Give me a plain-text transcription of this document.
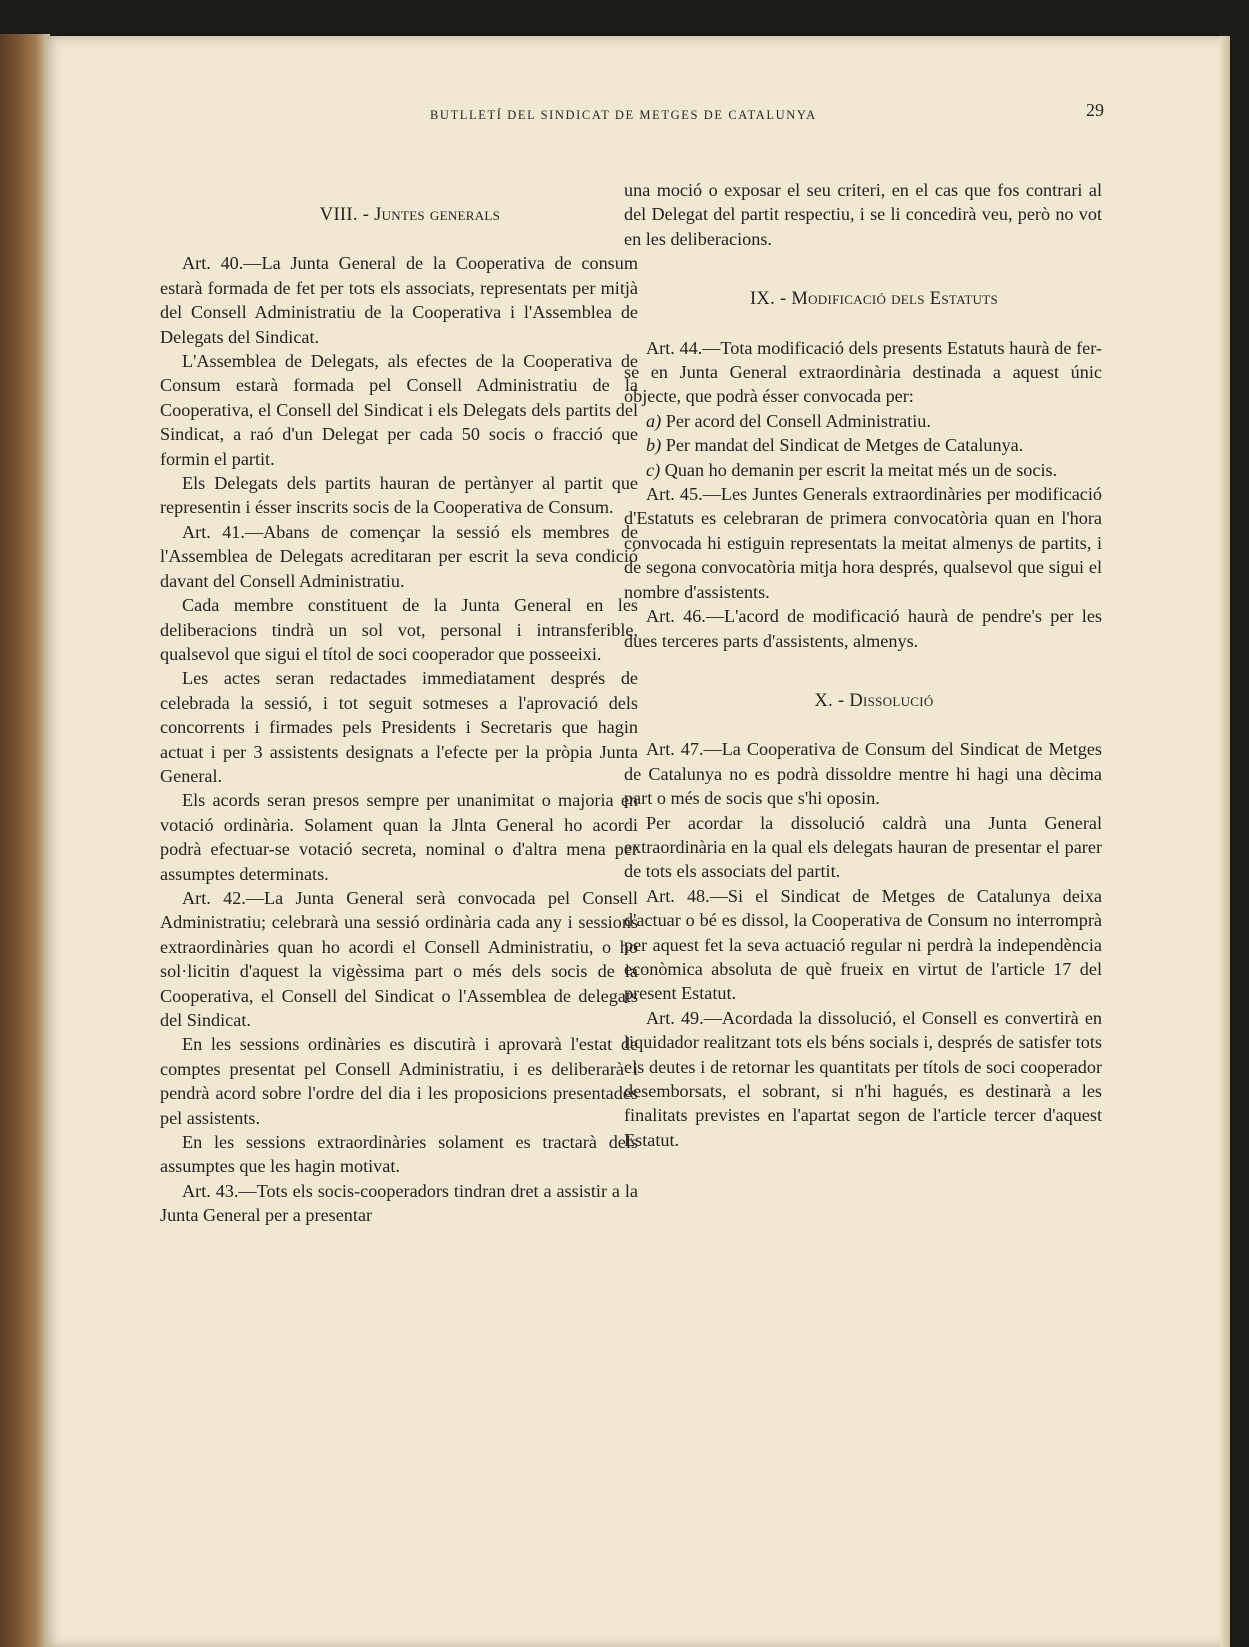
BUTLLETÍ DEL SINDICAT DE METGES DE CATALUNYA	29

VIII. - Juntes generals

Art. 40.—La Junta General de la Cooperativa de consum estarà formada de fet per tots els associats, representats per mitjà del Consell Administratiu de la Cooperativa i l'Assemblea de Delegats del Sindicat.

L'Assemblea de Delegats, als efectes de la Cooperativa de Consum estarà formada pel Consell Administratiu de la Cooperativa, el Consell del Sindicat i els Delegats dels partits del Sindicat, a raó d'un Delegat per cada 50 socis o fracció que formin el partit.

Els Delegats dels partits hauran de pertànyer al partit que representin i ésser inscrits socis de la Cooperativa de Consum.

Art. 41.—Abans de començar la sessió els membres de l'Assemblea de Delegats acreditaran per escrit la seva condició davant del Consell Administratiu.

Cada membre constituent de la Junta General en les deliberacions tindrà un sol vot, personal i intransferible, qualsevol que sigui el títol de soci cooperador que posseeixi.

Les actes seran redactades immediatament després de celebrada la sessió, i tot seguit sotmeses a l'aprovació dels concorrents i firmades pels Presidents i Secretaris que hagin actuat i per 3 assistents designats a l'efecte per la pròpia Junta General.

Els acords seran presos sempre per unanimitat o majoria en votació ordinària. Solament quan la Jlnta General ho acordi podrà efectuar-se votació secreta, nominal o d'altra mena per assumptes determinats.

Art. 42.—La Junta General serà convocada pel Consell Administratiu; celebrarà una sessió ordinària cada any i sessions extraordinàries quan ho acordi el Consell Administratiu, o ho sol·licitin d'aquest la vigèssima part o més dels socis de la Cooperativa, el Consell del Sindicat o l'Assemblea de delegats del Sindicat.

En les sessions ordinàries es discutirà i aprovarà l'estat de comptes presentat pel Consell Administratiu, i es deliberarà i pendrà acord sobre l'ordre del dia i les proposicions presentades pel assistents.

En les sessions extraordinàries solament es tractarà dels assumptes que les hagin motivat.

Art. 43.—Tots els socis-cooperadors tindran dret a assistir a la Junta General per a presentar

una moció o exposar el seu criteri, en el cas que fos contrari al del Delegat del partit respectiu, i se li concedirà veu, però no vot en les deliberacions.

IX. - Modificació dels Estatuts

Art. 44.—Tota modificació dels presents Estatuts haurà de fer-se en Junta General extraordinària destinada a aquest únic objecte, que podrà ésser convocada per:

a) Per acord del Consell Administratiu.

b) Per mandat del Sindicat de Metges de Catalunya.

c) Quan ho demanin per escrit la meitat més un de socis.

Art. 45.—Les Juntes Generals extraordinàries per modificació d'Estatuts es celebraran de primera convocatòria quan en l'hora convocada hi estiguin representats la meitat almenys de partits, i de segona convocatòria mitja hora després, qualsevol que sigui el nombre d'assistents.

Art. 46.—L'acord de modificació haurà de pendre's per les dues terceres parts d'assistents, almenys.

X. - Dissolució

Art. 47.—La Cooperativa de Consum del Sindicat de Metges de Catalunya no es podrà dissoldre mentre hi hagi una dècima part o més de socis que s'hi oposin.

Per acordar la dissolució caldrà una Junta General extraordinària en la qual els delegats hauran de presentar el parer de tots els associats del partit.

Art. 48.—Si el Sindicat de Metges de Catalunya deixa d'actuar o bé es dissol, la Cooperativa de Consum no interromprà per aquest fet la seva actuació regular ni perdrà la independència econòmica absoluta de què frueix en virtut de l'article 17 del present Estatut.

Art. 49.—Acordada la dissolució, el Consell es convertirà en liquidador realitzant tots els béns socials i, després de satisfer tots els deutes i de retornar les quantitats per títols de soci cooperador desemborsats, el sobrant, si n'hi hagués, es destinarà a les finalitats previstes en l'apartat segon de l'article tercer d'aquest Estatut.
